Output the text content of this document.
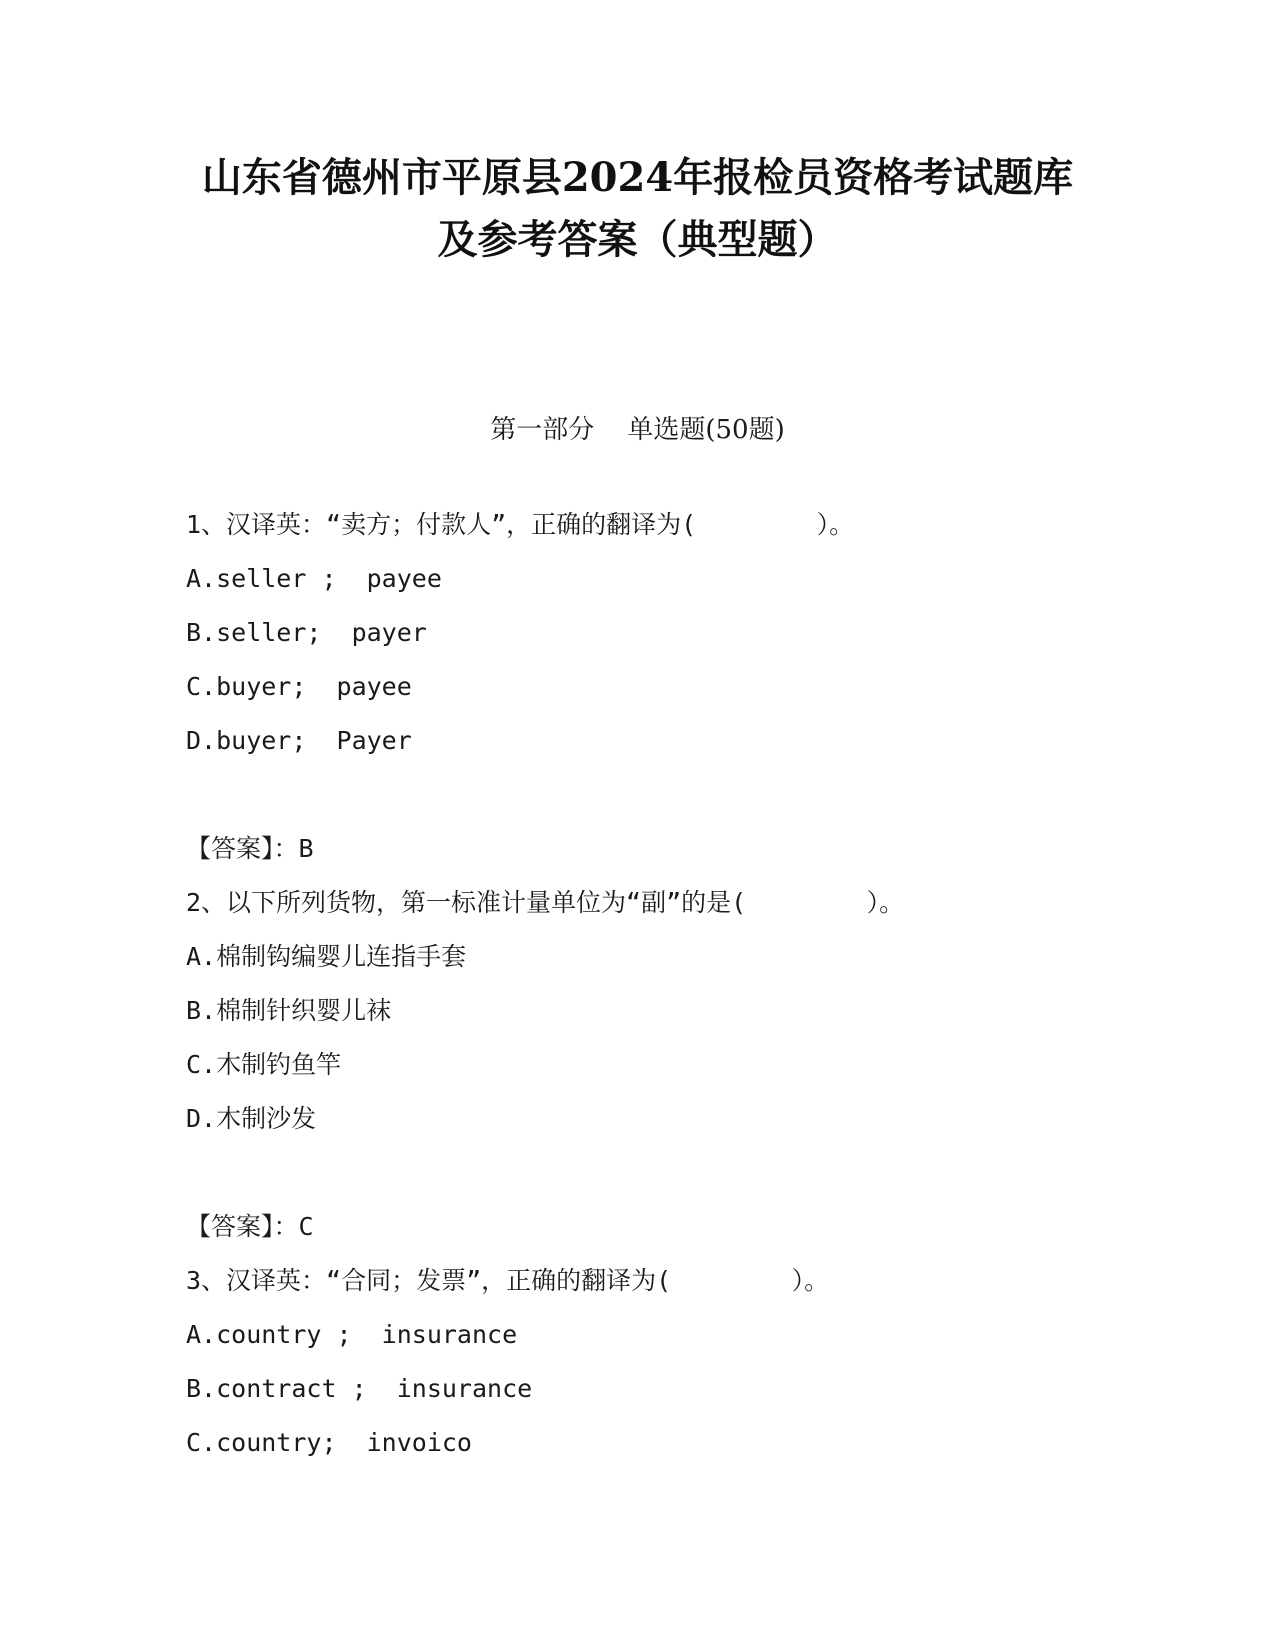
山东省德州市平原县2024年报检员资格考试题库
及参考答案（典型题）
第一部分    单选题(50题)
1、汉译英：“卖方；付款人”，正确的翻译为(        ）。
A.seller ;  payee
B.seller;  payer
C.buyer;  payee
D.buyer;  Payer
【答案】：B
2、以下所列货物，第一标准计量单位为“副”的是(        ）。
A.棉制钩编婴儿连指手套
B.棉制针织婴儿袜
C.木制钓鱼竿
D.木制沙发
【答案】：C
3、汉译英：“合同；发票”，正确的翻译为(        ）。
A.country ;  insurance
B.contract ;  insurance
C.country;  invoico
